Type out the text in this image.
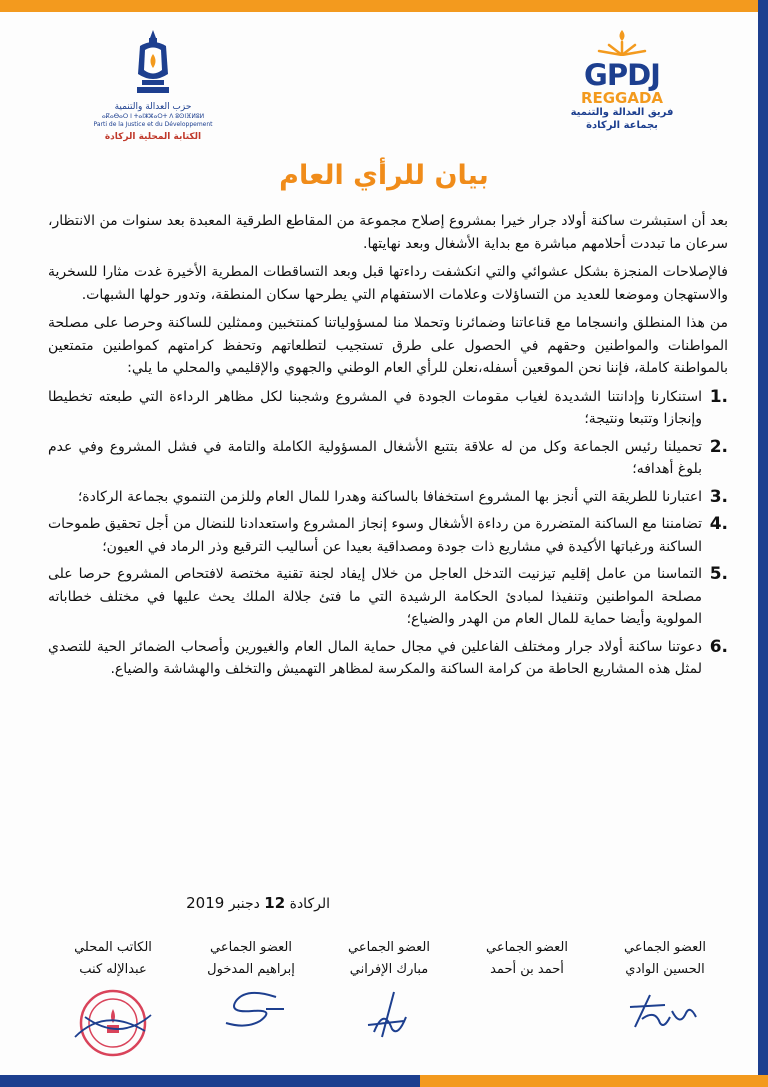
حزب العدالة والتنمية
ⴰⴽⴰⴱⴰⵔ ⵏ ⵜⴰⵏⵣⵣⴰⵔⵜ ⴷ ⵓⵙⵏⴼⵍⵓⵍ
Parti de la Justice et du Développement
الكتابة المحلية الركادة
GPDJ
REGGADA
فريق العدالة والتنمية
بجماعة الركادة
بيان للرأي العام

بعد أن استبشرت ساكنة أولاد جرار خيرا بمشروع إصلاح مجموعة من المقاطع الطرقية المعبدة بعد سنوات من الانتظار، سرعان ما تبددت أحلامهم مباشرة مع بداية الأشغال وبعد نهايتها.

فالإصلاحات المنجزة بشكل عشوائي والتي انكشفت رداءتها قبل وبعد التساقطات المطرية الأخيرة غدت مثارا للسخرية والاستهجان وموضعا للعديد من التساؤلات وعلامات الاستفهام التي يطرحها سكان المنطقة، وتدور حولها الشبهات.

من هذا المنطلق وانسجاما مع قناعاتنا وضمائرنا وتحملا منا لمسؤولياتنا كمنتخبين وممثلين للساكنة وحرصا على مصلحة المواطنات والمواطنين وحقهم في الحصول على طرق تستجيب لتطلعاتهم وتحفظ كرامتهم كمواطنين متمتعين بالمواطنة كاملة، فإننا نحن الموقعين أسفله،نعلن للرأي العام الوطني والجهوي والإقليمي والمحلي ما يلي:

1.
استنكارنا وإدانتنا الشديدة لغياب مقومات الجودة في المشروع وشجبنا لكل مظاهر الرداءة التي طبعته تخطيطا وإنجازا وتتبعا ونتيجة؛
2.
تحميلنا رئيس الجماعة وكل من له علاقة بتتبع الأشغال المسؤولية الكاملة والتامة في فشل المشروع وفي عدم بلوغ أهدافه؛
3.
اعتبارنا للطريقة التي أنجز بها المشروع استخفافا بالساكنة وهدرا للمال العام وللزمن التنموي بجماعة الركادة؛
4.
تضامننا مع الساكنة المتضررة من رداءة الأشغال وسوء إنجاز المشروع واستعدادنا للنضال من أجل تحقيق طموحات الساكنة ورغباتها الأكيدة في مشاريع ذات جودة ومصداقية بعيدا عن أساليب الترقيع وذر الرماد في العيون؛
5.
التماسنا من عامل إقليم تيزنيت التدخل العاجل من خلال إيفاد لجنة تقنية مختصة لافتحاص المشروع حرصا على مصلحة المواطنين وتنفيذا لمبادئ الحكامة الرشيدة التي ما فتئ جلالة الملك يحث عليها في مختلف خطاباته المولوية وأيضا حماية للمال العام من الهدر والضياع؛
6.
دعوتنا ساكنة أولاد جرار ومختلف الفاعلين في مجال حماية المال العام والغيورين وأصحاب الضمائر الحية للتصدي لمثل هذه المشاريع الحاطة من كرامة الساكنة والمكرسة لمظاهر التهميش والتخلف والهشاشة والضياع.
الركادة 12 دجنبر 2019
العضو الجماعي
الحسين الوادي
العضو الجماعي
أحمد بن أحمد
العضو الجماعي
مبارك الإفراني
العضو الجماعي
إبراهيم المدخول
الكاتب المحلي
عبدالإله كنب
